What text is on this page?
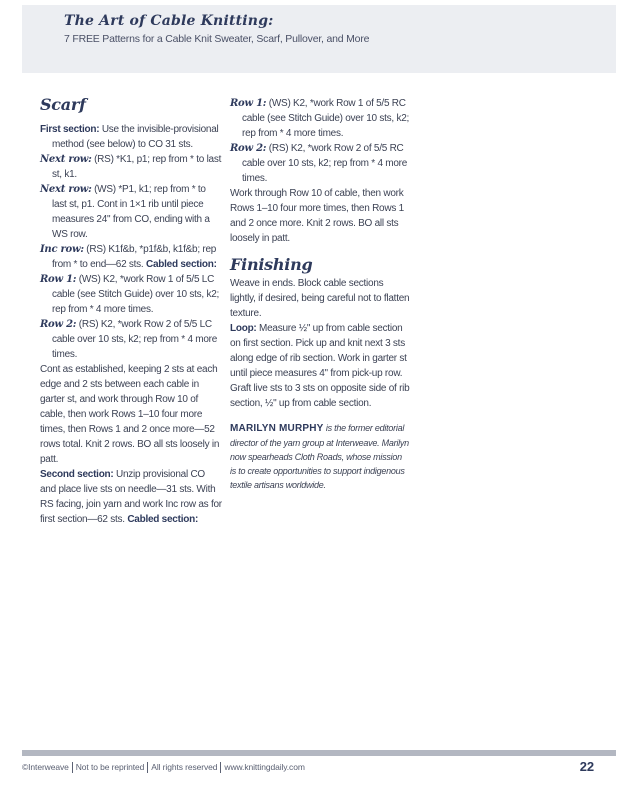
The Art of Cable Knitting:
7 FREE Patterns for a Cable Knit Sweater, Scarf, Pullover, and More
Scarf

First section: Use the invisible-provisional method (see below) to CO 31 sts.

Next row: (RS) *K1, p1; rep from * to last st, k1.

Next row: (WS) *P1, k1; rep from * to last st, p1. Cont in 1×1 rib until piece measures 24" from CO, ending with a WS row.

Inc row: (RS) K1f&b, *p1f&b, k1f&b; rep from * to end—62 sts. Cabled section:

Row 1: (WS) K2, *work Row 1 of 5/5 LC cable (see Stitch Guide) over 10 sts, k2; rep from * 4 more times.

Row 2: (RS) K2, *work Row 2 of 5/5 LC cable over 10 sts, k2; rep from * 4 more times.

Cont as established, keeping 2 sts at each edge and 2 sts between each cable in garter st, and work through Row 10 of cable, then work Rows 1–10 four more times, then Rows 1 and 2 once more—52 rows total. Knit 2 rows. BO all sts loosely in patt.

Second section: Unzip provisional CO and place live sts on needle—31 sts. With RS facing, join yarn and work Inc row as for first section—62 sts. Cabled section:

Row 1: (WS) K2, *work Row 1 of 5/5 RC cable (see Stitch Guide) over 10 sts, k2; rep from * 4 more times.

Row 2: (RS) K2, *work Row 2 of 5/5 RC cable over 10 sts, k2; rep from * 4 more times.

Work through Row 10 of cable, then work Rows 1–10 four more times, then Rows 1 and 2 once more. Knit 2 rows. BO all sts loosely in patt.

Finishing

Weave in ends. Block cable sections lightly, if desired, being careful not to flatten texture.

Loop: Measure ½" up from cable section on first section. Pick up and knit next 3 sts along edge of rib section. Work in garter st until piece measures 4" from pick-up row. Graft live sts to 3 sts on opposite side of rib section, ½" up from cable section.

MARILYN MURPHY is the former editorial director of the yarn group at Interweave. Marilyn now spearheads Cloth Roads, whose mission is to create opportunities to support indigenous textile artisans worldwide.
©Interweave Not to be reprinted All rights reserved www.knittingdaily.com	22
